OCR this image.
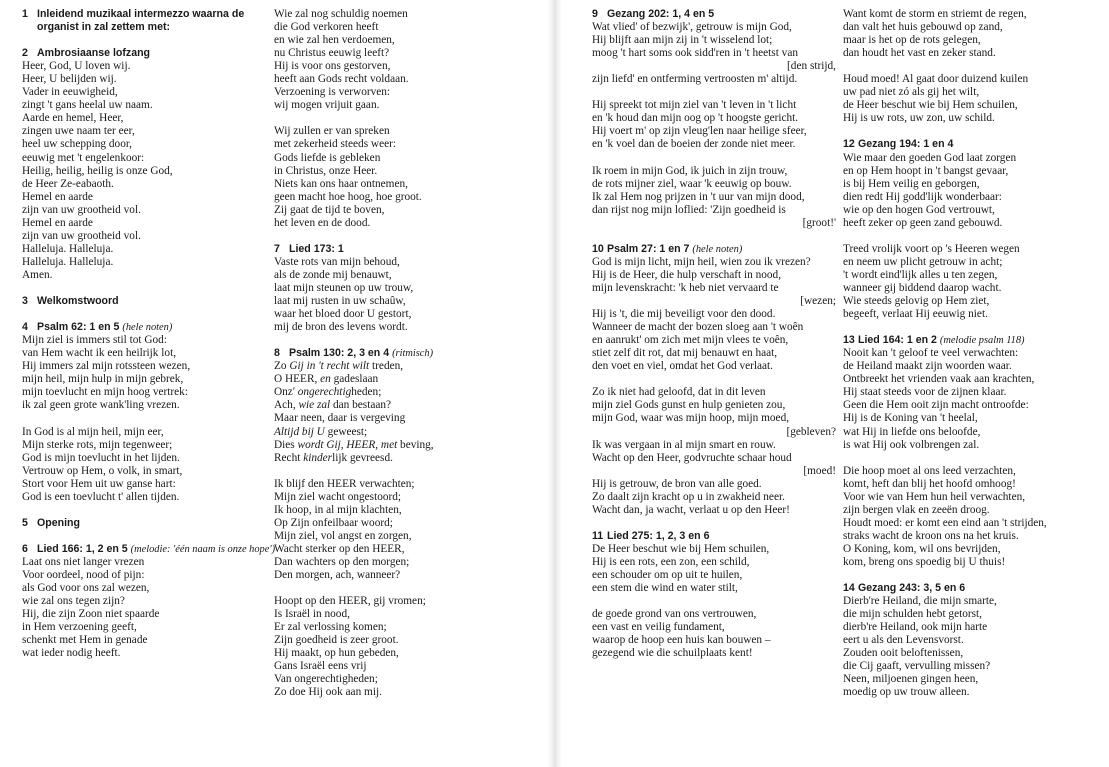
1 Inleidend muzikaal intermezzo waarna de
organist in zal zettem met:
2 Ambrosiaanse lofzang
Heer, God, U loven wij.
Heer, U belijden wij.
Vader in eeuwigheid,
zingt 't gans heelal uw naam.
Aarde en hemel, Heer,
zingen uwe naam ter eer,
heel uw schepping door,
eeuwig met 't engelenkoor:
Heilig, heilig, heilig is onze God,
de Heer Ze-eabaoth.
Hemel en aarde
zijn van uw grootheid vol.
Hemel en aarde
zijn van uw grootheid vol.
Halleluja. Halleluja.
Halleluja. Halleluja.
Amen.
3 Welkomstwoord
4 Psalm 62: 1 en 5 (hele noten)
Mijn ziel is immers stil tot God:
van Hem wacht ik een heilrijk lot,
Hij immers zal mijn rotssteen wezen,
mijn heil, mijn hulp in mijn gebrek,
mijn toevlucht en mijn hoog vertrek:
ik zal geen grote wank'ling vrezen.
In God is al mijn heil, mijn eer,
Mijn sterke rots, mijn tegenweer;
God is mijn toevlucht in het lijden.
Vertrouw op Hem, o volk, in smart,
Stort voor Hem uit uw ganse hart:
God is een toevlucht t' allen tijden.
5 Opening
6 Lied 166: 1, 2 en 5 (melodie: 'één naam is onze hope')
Laat ons niet langer vrezen
Voor oordeel, nood of pijn:
als God voor ons zal wezen,
wie zal ons tegen zijn?
Hij, die zijn Zoon niet spaarde
in Hem verzoening geeft,
schenkt met Hem in genade
wat ieder nodig heeft.
Wie zal nog schuldig noemen
die God verkoren heeft
en wie zal hen verdoemen,
nu Christus eeuwig leeft?
Hij is voor ons gestorven,
heeft aan Gods recht voldaan.
Verzoening is verworven:
wij mogen vrijuit gaan.
Wij zullen er van spreken
met zekerheid steeds weer:
Gods liefde is gebleken
in Christus, onze Heer.
Niets kan ons haar ontnemen,
geen macht hoe hoog, hoe groot.
Zij gaat de tijd te boven,
het leven en de dood.
7 Lied 173: 1
Vaste rots van mijn behoud,
als de zonde mij benauwt,
laat mijn steunen op uw trouw,
laat mij rusten in uw schaûw,
waar het bloed door U gestort,
mij de bron des levens wordt.
8 Psalm 130: 2, 3 en 4 (ritmisch)
Zo Gij in 't recht wilt treden,
O HEER, en gadeslaan
Onz' ongerechtigheden;
Ach, wie zal dan bestaan?
Maar neen, daar is vergeving
Altijd bij U geweest;
Dies wordt Gij, HEER, met beving,
Recht kinderlijk gevreesd.
Ik blijf den HEER verwachten;
Mijn ziel wacht ongestoord;
Ik hoop, in al mijn klachten,
Op Zijn onfeilbaar woord;
Mijn ziel, vol angst en zorgen,
Wacht sterker op den HEER,
Dan wachters op den morgen;
Den morgen, ach, wanneer?
Hoopt op den HEER, gij vromen;
Is Israël in nood,
Er zal verlossing komen;
Zijn goedheid is zeer groot.
Hij maakt, op hun gebeden,
Gans Israël eens vrij
Van ongerechtigheden;
Zo doe Hij ook aan mij.
9 Gezang 202: 1, 4 en 5
Wat vlied' of bezwijk', getrouw is mijn God,
Hij blijft aan mijn zij in 't wisselend lot;
moog 't hart soms ook sidd'ren in 't heetst van
[den strijd,
zijn liefd' en ontferming vertroosten m' altijd.
Hij spreekt tot mijn ziel van 't leven in 't licht
en 'k houd dan mijn oog op 't hoogste gericht.
Hij voert m' op zijn vleug'len naar heilige sfeer,
en 'k voel dan de boeien der zonde niet meer.
Ik roem in mijn God, ik juich in zijn trouw,
de rots mijner ziel, waar 'k eeuwig op bouw.
Ik zal Hem nog prijzen in 't uur van mijn dood,
dan rijst nog mijn loflied: 'Zijn goedheid is
[groot!'
10 Psalm 27: 1 en 7 (hele noten)
God is mijn licht, mijn heil, wien zou ik vrezen?
Hij is de Heer, die hulp verschaft in nood,
mijn levenskracht: 'k heb niet vervaard te
[wezen;
Hij is 't, die mij beveiligt voor den dood.
Wanneer de macht der bozen sloeg aan 't woên
en aanrukt' om zich met mijn vlees te voên,
stiet zelf dit rot, dat mij benauwt en haat,
den voet en viel, omdat het God verlaat.
Zo ik niet had geloofd, dat in dit leven
mijn ziel Gods gunst en hulp genieten zou,
mijn God, waar was mijn hoop, mijn moed,
[gebleven?
Ik was vergaan in al mijn smart en rouw.
Wacht op den Heer, godvruchte schaar houd
[moed!
Hij is getrouw, de bron van alle goed.
Zo daalt zijn kracht op u in zwakheid neer.
Wacht dan, ja wacht, verlaat u op den Heer!
11 Lied 275: 1, 2, 3 en 6
De Heer beschut wie bij Hem schuilen,
Hij is een rots, een zon, een schild,
een schouder om op uit te huilen,
een stem die wind en water stilt,
de goede grond van ons vertrouwen,
een vast en veilig fundament,
waarop de hoop een huis kan bouwen –
gezegend wie die schuilplaats kent!
Want komt de storm en striemt de regen,
dan valt het huis gebouwd op zand,
maar is het op de rots gelegen,
dan houdt het vast en zeker stand.
Houd moed! Al gaat door duizend kuilen
uw pad niet zó als gij het wilt,
de Heer beschut wie bij Hem schuilen,
Hij is uw rots, uw zon, uw schild.
12 Gezang 194: 1 en 4
Wie maar den goeden God laat zorgen
en op Hem hoopt in 't bangst gevaar,
is bij Hem veilig en geborgen,
dien redt Hij godd'lijk wonderbaar:
wie op den hogen God vertrouwt,
heeft zeker op geen zand gebouwd.
Treed vrolijk voort op 's Heeren wegen
en neem uw plicht getrouw in acht;
't wordt eind'lijk alles u ten zegen,
wanneer gij biddend daarop wacht.
Wie steeds gelovig op Hem ziet,
begeeft, verlaat Hij eeuwig niet.
13 Lied 164: 1 en 2 (melodie psalm 118)
Nooit kan 't geloof te veel verwachten:
de Heiland maakt zijn woorden waar.
Ontbreekt het vrienden vaak aan krachten,
Hij staat steeds voor de zijnen klaar.
Geen die Hem ooit zijn macht ontroofde:
Hij is de Koning van 't heelal,
wat Hij in liefde ons beloofde,
is wat Hij ook volbrengen zal.
Die hoop moet al ons leed verzachten,
komt, heft dan blij het hoofd omhoog!
Voor wie van Hem hun heil verwachten,
zijn bergen vlak en zeeën droog.
Houdt moed: er komt een eind aan 't strijden,
straks wacht de kroon ons na het kruis.
O Koning, kom, wil ons bevrijden,
kom, breng ons spoedig bij U thuis!
14 Gezang 243: 3, 5 en 6
Dierb're Heiland, die mijn smarte,
die mijn schulden hebt getorst,
dierb're Heiland, ook mijn harte
eert u als den Levensvorst.
Zouden ooit beloftenissen,
die Cij gaaft, vervulling missen?
Neen, miljoenen gingen heen,
moedig op uw trouw alleen.
